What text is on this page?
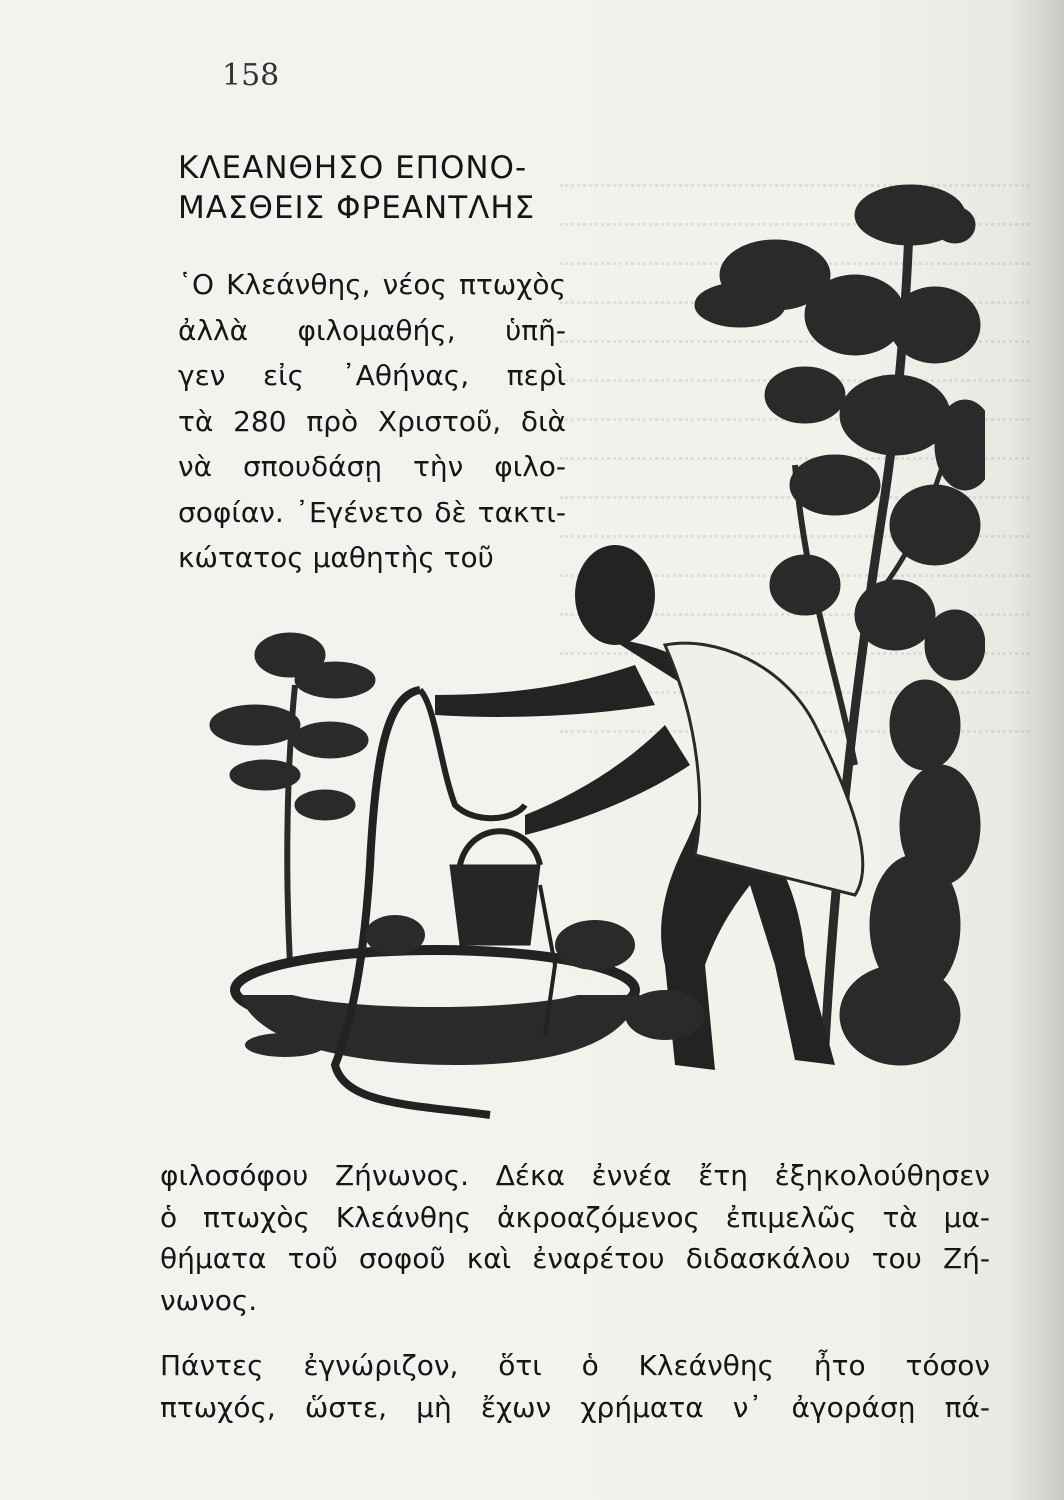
158
ΚΛΕΑΝΘΗΣΟ ΕΠΟΝΟ-
ΜΑΣΘΕΙΣ ΦΡΕΑΝΤΛΗΣ
῾Ο Κλεάνθης, νέος πτωχὸς
ἀλλὰ φιλομαθής, ὑπῆ-
γεν εἰς ᾿Αθήνας, περὶ
τὰ 280 πρὸ Χριστοῦ, διὰ
νὰ σπουδάσῃ τὴν φιλο-
σοφίαν. ᾿Εγένετο δὲ τακτι-
κώτατος μαθητὴς τοῦ
φιλοσόφου Ζήνωνος. Δέκα ἐννέα ἔτη ἐξηκολούθησεν
ὁ πτωχὸς Κλεάνθης ἀκροαζόμενος ἐπιμελῶς τὰ μα-
θήματα τοῦ σοφοῦ καὶ ἐναρέτου διδασκάλου του Ζή-
νωνος.
Πάντες ἐγνώριζον, ὅτι ὁ Κλεάνθης ἦτο τόσον
πτωχός, ὥστε, μὴ ἔχων χρήματα ν᾿ ἀγοράσῃ πά-
